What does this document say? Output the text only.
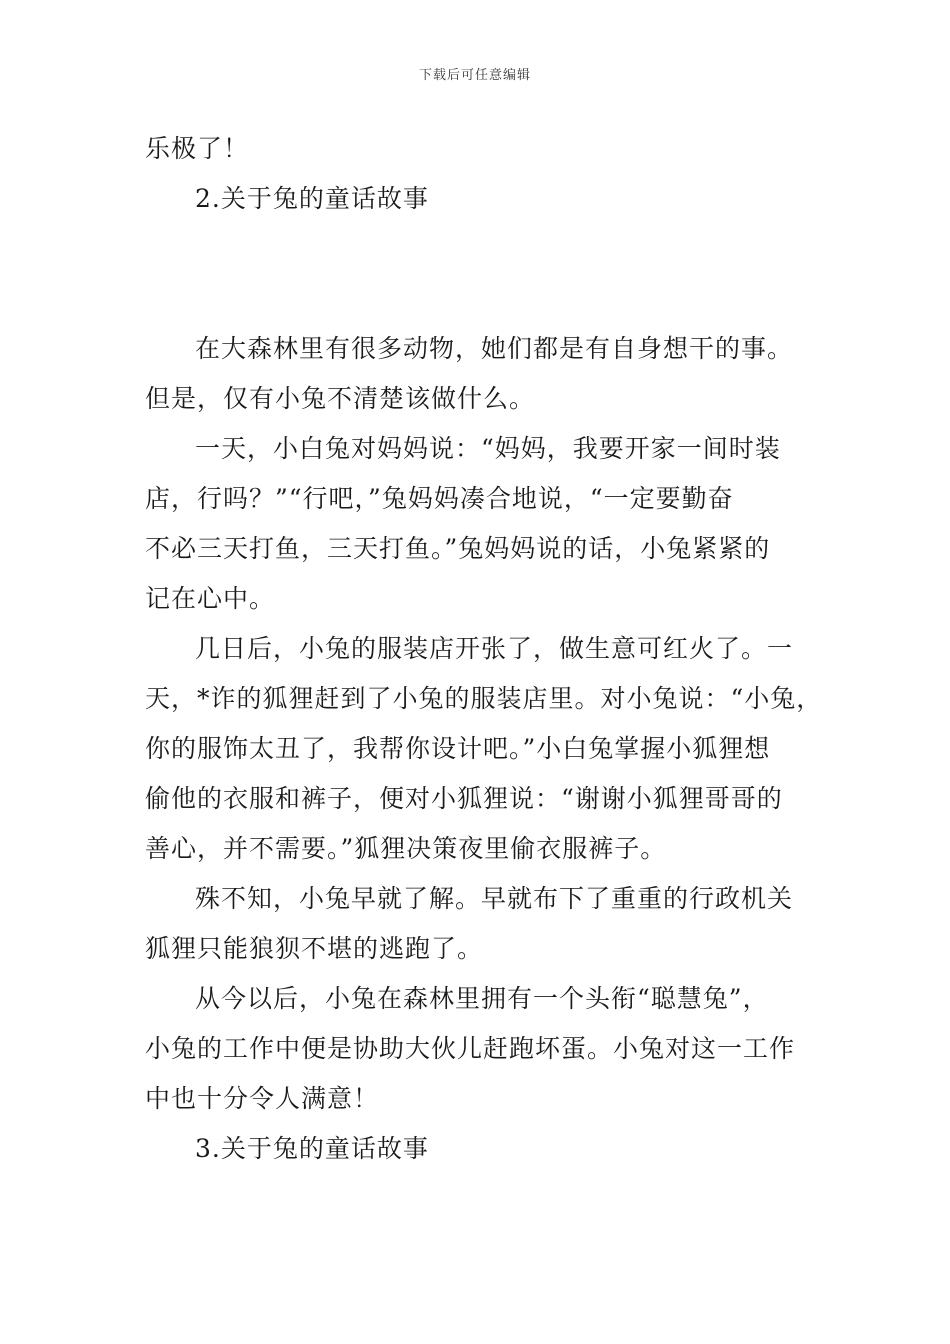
下载后可任意编辑
乐极了！
2.关于兔的童话故事
在大森林里有很多动物，她们都是有自身想干的事。
但是，仅有小兔不清楚该做什么。
一天，小白兔对妈妈说：“妈妈，我要开家一间时装
店，行吗？”“行吧，”兔妈妈凑合地说，“一定要勤奋
不必三天打鱼，三天打鱼。”兔妈妈说的话，小兔紧紧的
记在心中。
几日后，小兔的服装店开张了，做生意可红火了。一
天，*诈的狐狸赶到了小兔的服装店里。对小兔说：“小兔，
你的服饰太丑了，我帮你设计吧。”小白兔掌握小狐狸想
偷他的衣服和裤子，便对小狐狸说：“谢谢小狐狸哥哥的
善心，并不需要。”狐狸决策夜里偷衣服裤子。
殊不知，小兔早就了解。早就布下了重重的行政机关
狐狸只能狼狈不堪的逃跑了。
从今以后，小兔在森林里拥有一个头衔“聪慧兔”，
小兔的工作中便是协助大伙儿赶跑坏蛋。小兔对这一工作
中也十分令人满意！
3.关于兔的童话故事
